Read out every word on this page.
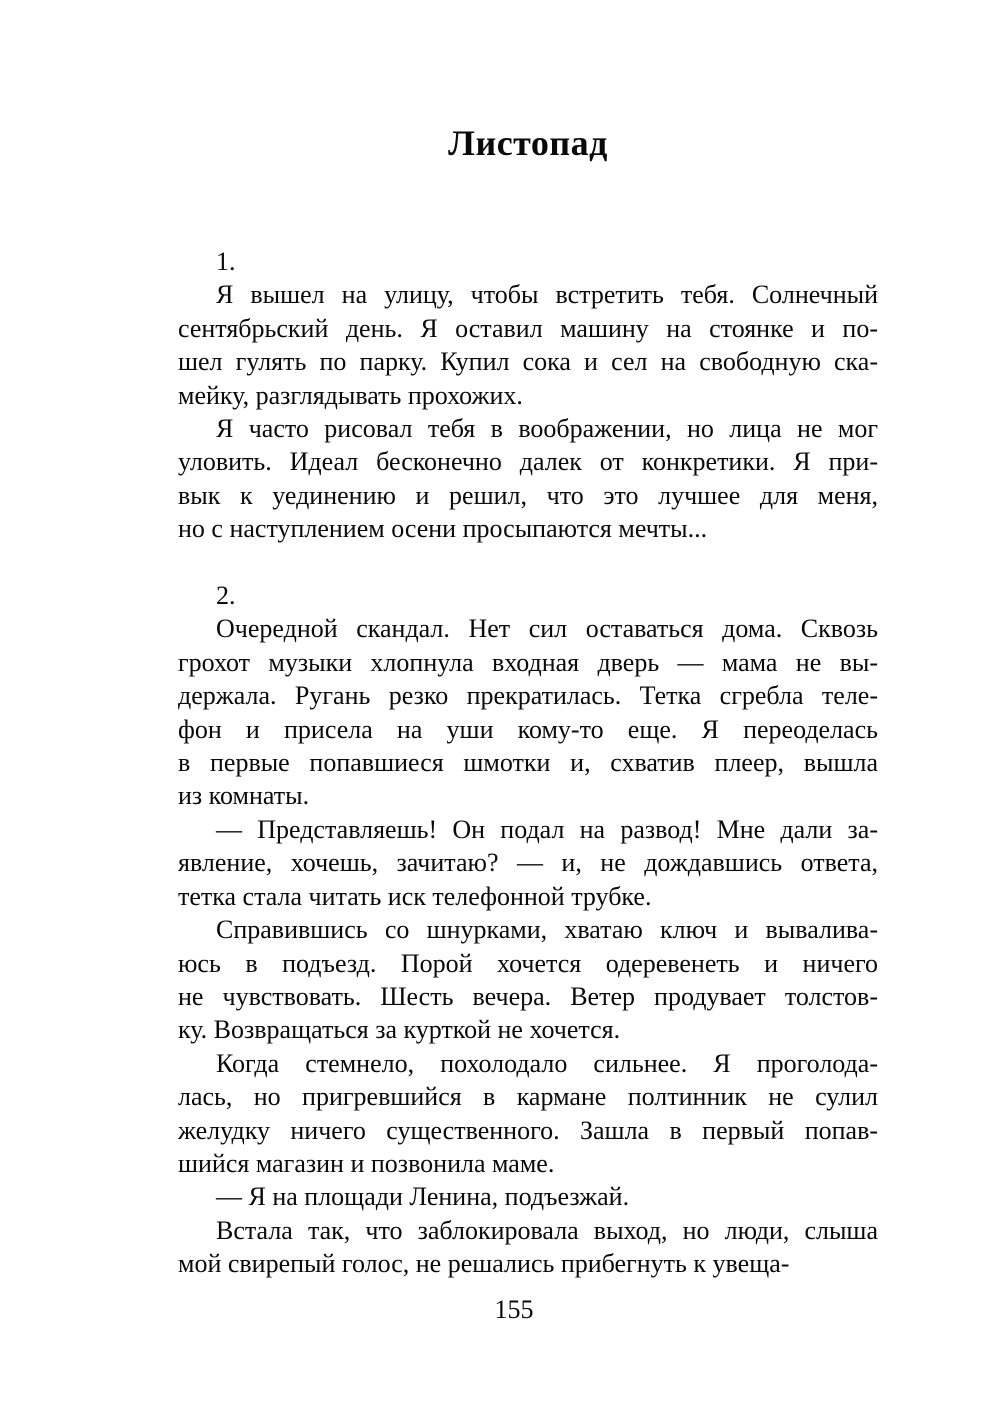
Листопад
1.
Я вышел на улицу, чтобы встретить тебя. Солнечный
сентябрьский день. Я оставил машину на стоянке и по-
шел гулять по парку. Купил сока и сел на свободную ска-
мейку, разглядывать прохожих.
Я часто рисовал тебя в воображении, но лица не мог
уловить. Идеал бесконечно далек от конкретики. Я при-
вык к уединению и решил, что это лучшее для меня,
но с наступлением осени просыпаются мечты...
2.
Очередной скандал. Нет сил оставаться дома. Сквозь
грохот музыки хлопнула входная дверь — мама не вы-
держала. Ругань резко прекратилась. Тетка сгребла теле-
фон и присела на уши кому-то еще. Я переоделась
в первые попавшиеся шмотки и, схватив плеер, вышла
из комнаты.
— Представляешь! Он подал на развод! Мне дали за-
явление, хочешь, зачитаю? — и, не дождавшись ответа,
тетка стала читать иск телефонной трубке.
Справившись со шнурками, хватаю ключ и вывалива-
юсь в подъезд. Порой хочется одеревенеть и ничего
не чувствовать. Шесть вечера. Ветер продувает толстов-
ку. Возвращаться за курткой не хочется.
Когда стемнело, похолодало сильнее. Я проголода-
лась, но пригревшийся в кармане полтинник не сулил
желудку ничего существенного. Зашла в первый попав-
шийся магазин и позвонила маме.
— Я на площади Ленина, подъезжай.
Встала так, что заблокировала выход, но люди, слыша
мой свирепый голос, не решались прибегнуть к увеща-
155
